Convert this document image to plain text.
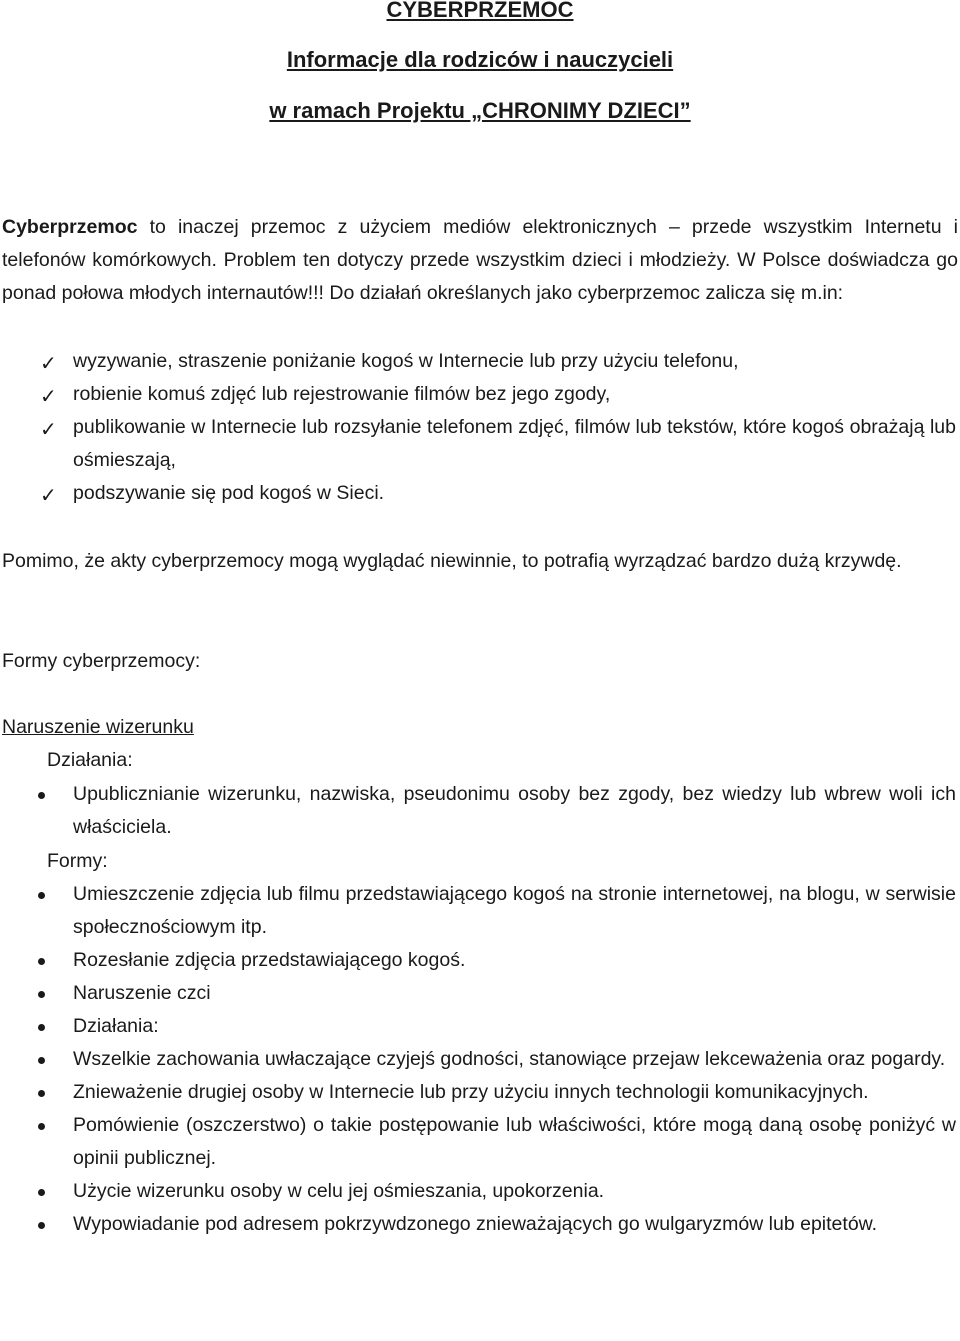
CYBERPRZEMOC
Informacje dla rodziców i nauczycieli
w ramach Projektu „CHRONIMY DZIECI”

Cyberprzemoc to inaczej przemoc z użyciem mediów elektronicznych – przede wszystkim Internetu i telefonów komórkowych. Problem ten dotyczy przede wszystkim dzieci i młodzieży. W Polsce doświadcza go ponad połowa młodych internautów!!! Do działań określanych jako cyberprzemoc zalicza się m.in:

✓ wyzywanie, straszenie poniżanie kogoś w Internecie lub przy użyciu telefonu,
✓ robienie komuś zdjęć lub rejestrowanie filmów bez jego zgody,
✓ publikowanie w Internecie lub rozsyłanie telefonem zdjęć, filmów lub tekstów, które kogoś obrażają lub ośmieszają,
✓ podszywanie się pod kogoś w Sieci.

Pomimo, że akty cyberprzemocy mogą wyglądać niewinnie, to potrafią wyrządzać bardzo dużą krzywdę.

Formy cyberprzemocy:

Naruszenie wizerunku

Działania:

Upublicznianie wizerunku, nazwiska, pseudonimu osoby bez zgody, bez wiedzy lub wbrew woli ich właściciela.

Formy:

Umieszczenie zdjęcia lub filmu przedstawiającego kogoś na stronie internetowej, na blogu, w serwisie społecznościowym itp.
Rozesłanie zdjęcia przedstawiającego kogoś.
Naruszenie czci
Działania:
Wszelkie zachowania uwłaczające czyjejś godności, stanowiące przejaw lekceważenia oraz pogardy.
Znieważenie drugiej osoby w Internecie lub przy użyciu innych technologii komunikacyjnych.
Pomówienie (oszczerstwo) o takie postępowanie lub właściwości, które mogą daną osobę poniżyć w opinii publicznej.
Użycie wizerunku osoby w celu jej ośmieszania, upokorzenia.
Wypowiadanie pod adresem pokrzywdzonego znieważających go wulgaryzmów lub epitetów.
